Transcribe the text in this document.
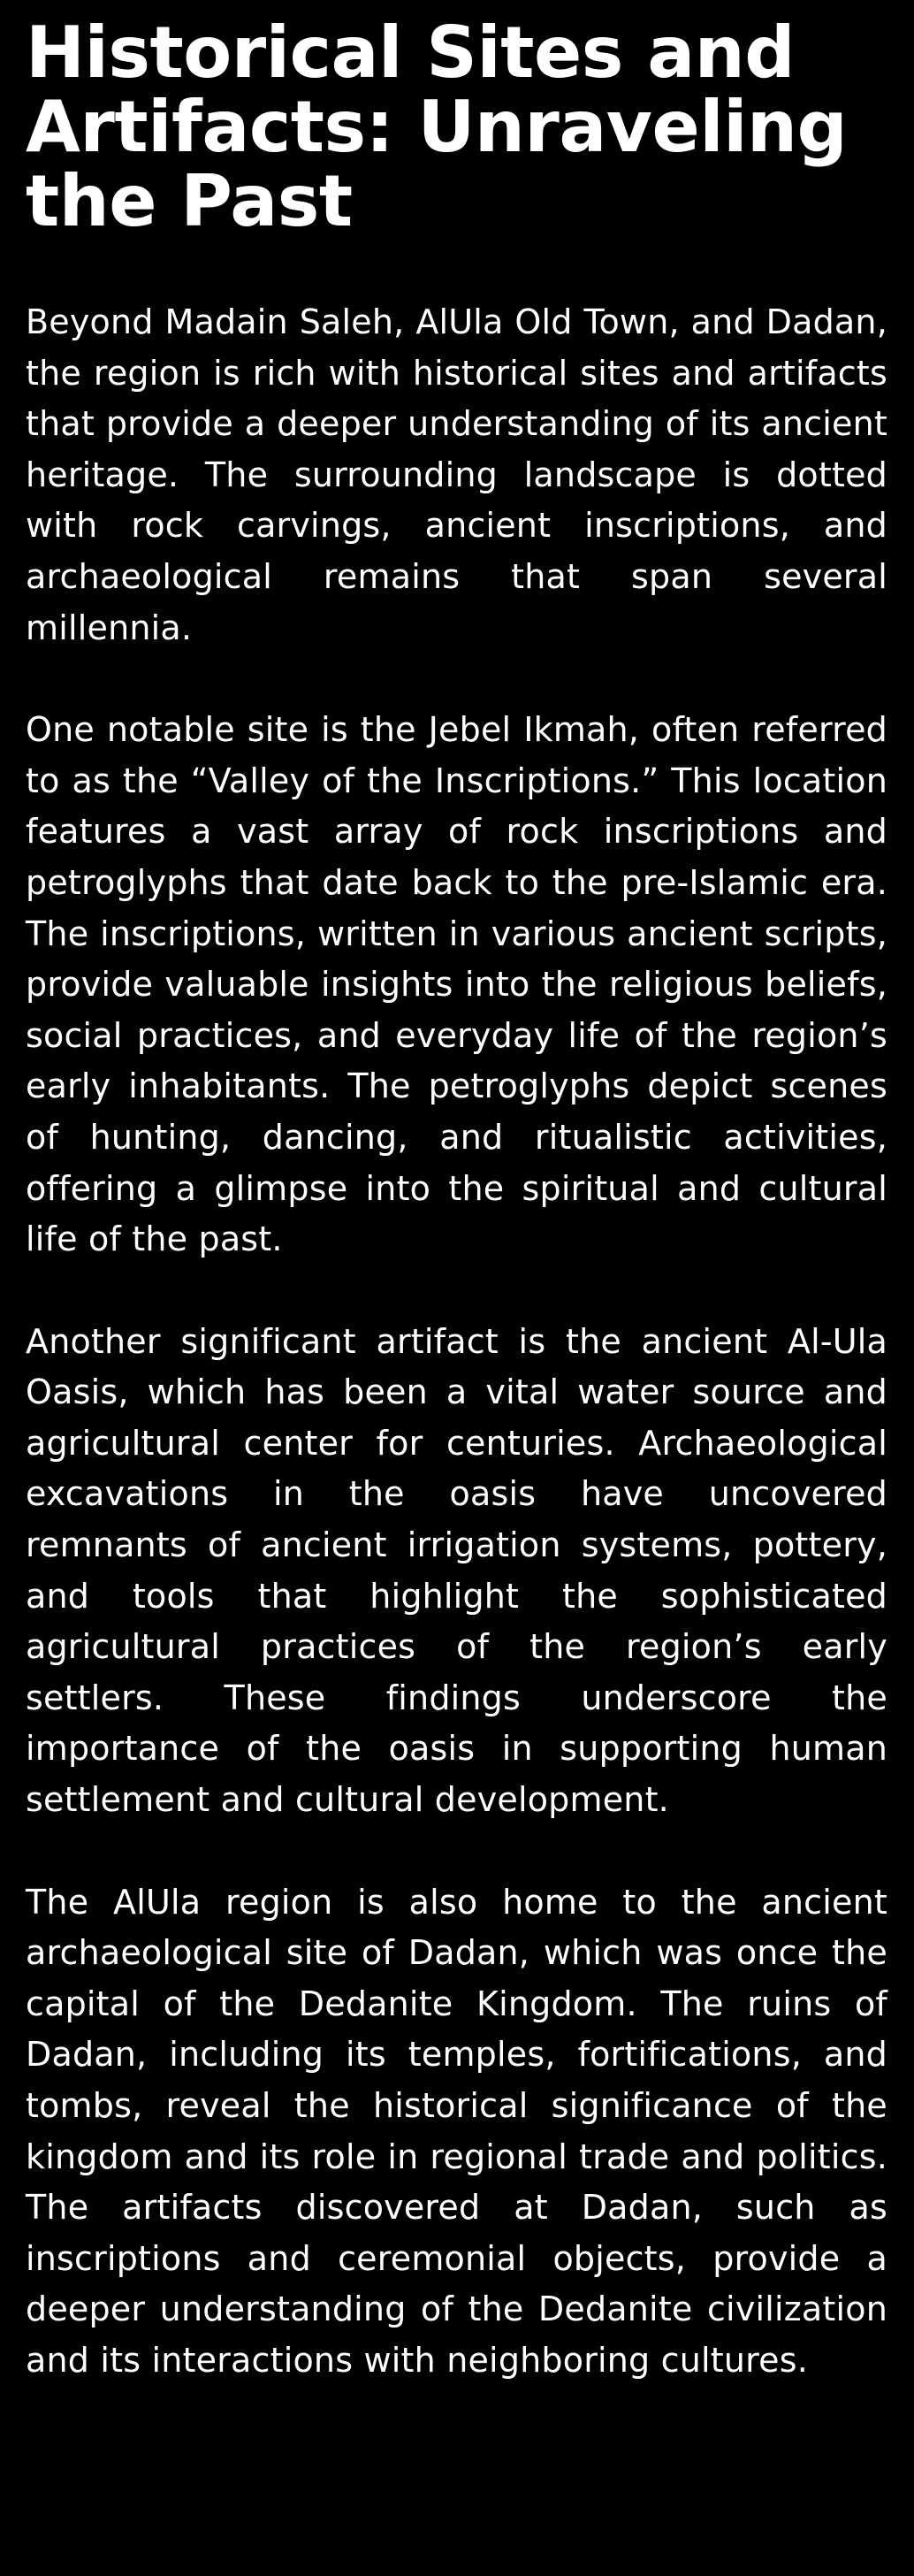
Historical Sites and Artifacts: Unraveling the Past

Beyond Madain Saleh, AlUla Old Town, and Dadan, the region is rich with historical sites and artifacts that provide a deeper understanding of its ancient heritage. The surrounding landscape is dotted with rock carvings, ancient inscriptions, and archaeological remains that span several millennia.

One notable site is the Jebel Ikmah, often referred to as the “Valley of the Inscriptions.” This location features a vast array of rock inscriptions and petroglyphs that date back to the pre-Islamic era. The inscriptions, written in various ancient scripts, provide valuable insights into the religious beliefs, social practices, and everyday life of the region’s early inhabitants. The petroglyphs depict scenes of hunting, dancing, and ritualistic activities, offering a glimpse into the spiritual and cultural life of the past.

Another significant artifact is the ancient Al-Ula Oasis, which has been a vital water source and agricultural center for centuries. Archaeological excavations in the oasis have uncovered remnants of ancient irrigation systems, pottery, and tools that highlight the sophisticated agricultural practices of the region’s early settlers. These findings underscore the importance of the oasis in supporting human settlement and cultural development.

The AlUla region is also home to the ancient archaeological site of Dadan, which was once the capital of the Dedanite Kingdom. The ruins of Dadan, including its temples, fortifications, and tombs, reveal the historical significance of the kingdom and its role in regional trade and politics. The artifacts discovered at Dadan, such as inscriptions and ceremonial objects, provide a deeper understanding of the Dedanite civilization and its interactions with neighboring cultures.
